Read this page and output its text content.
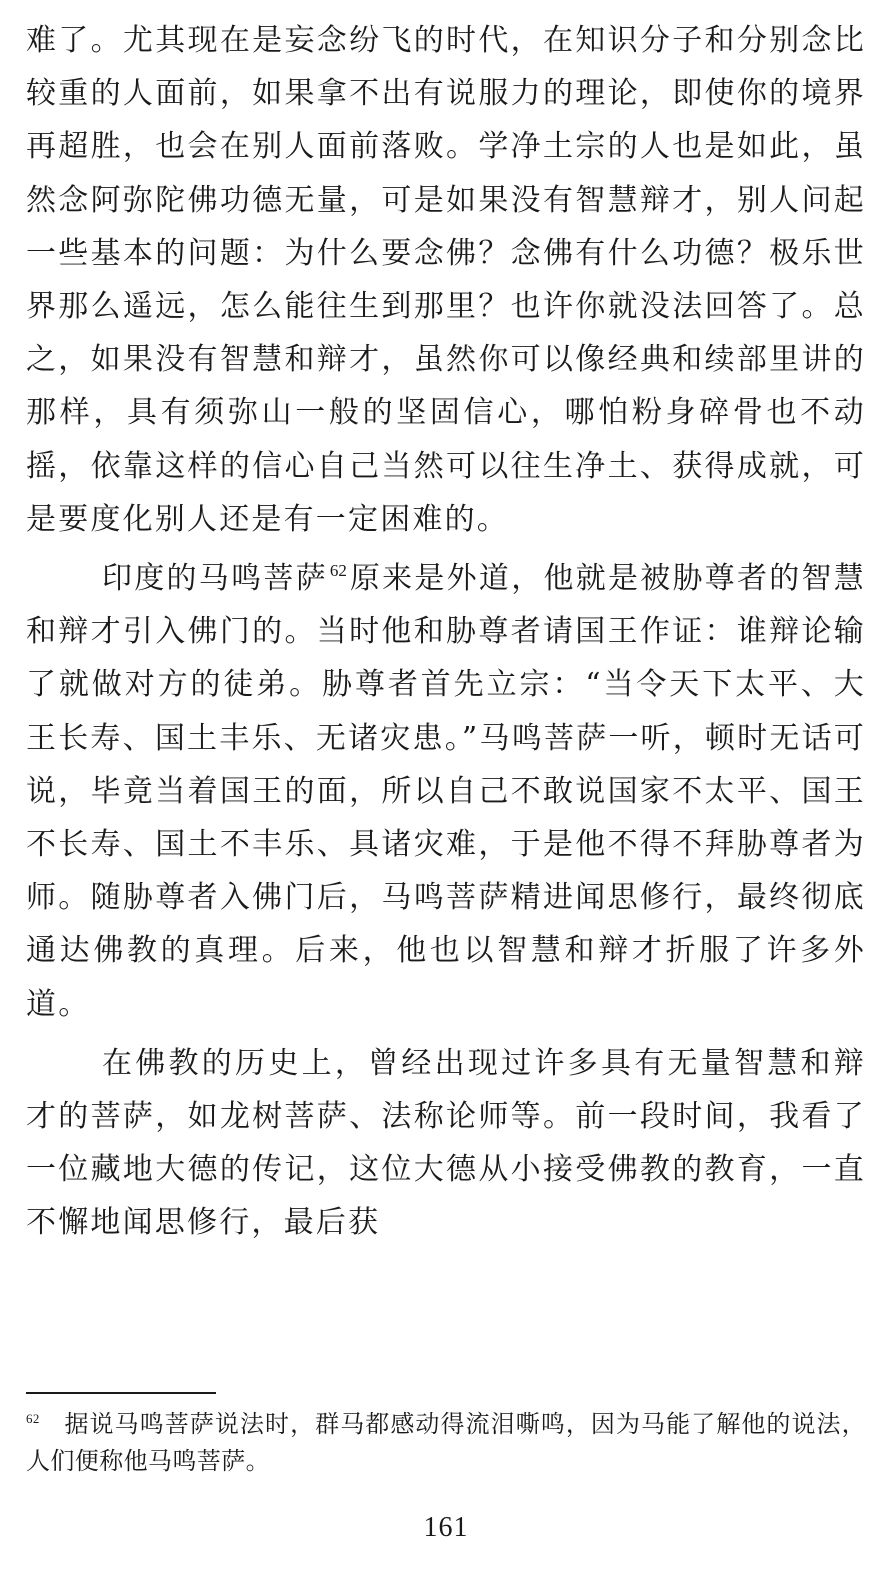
难了。尤其现在是妄念纷飞的时代，在知识分子和分别念比较重的人面前，如果拿不出有说服力的理论，即使你的境界再超胜，也会在别人面前落败。学净土宗的人也是如此，虽然念阿弥陀佛功德无量，可是如果没有智慧辩才，别人问起一些基本的问题：为什么要念佛？念佛有什么功德？极乐世界那么遥远，怎么能往生到那里？也许你就没法回答了。总之，如果没有智慧和辩才，虽然你可以像经典和续部里讲的那样，具有须弥山一般的坚固信心，哪怕粉身碎骨也不动摇，依靠这样的信心自己当然可以往生净土、获得成就，可是要度化别人还是有一定困难的。

印度的马鸣菩萨 $^{62}$ 原来是外道，他就是被胁尊者的智慧和辩才引入佛门的。当时他和胁尊者请国王作证：谁辩论输了就做对方的徒弟。胁尊者首先立宗：“当令天下太平、大王长寿、国土丰乐、无诸灾患。”马鸣菩萨一听，顿时无话可说，毕竟当着国王的面，所以自己不敢说国家不太平、国王不长寿、国土不丰乐、具诸灾难，于是他不得不拜胁尊者为师。随胁尊者入佛门后，马鸣菩萨精进闻思修行，最终彻底通达佛教的真理。后来，他也以智慧和辩才折服了许多外道。

在佛教的历史上，曾经出现过许多具有无量智慧和辩才的菩萨，如龙树菩萨、法称论师等。前一段时间，我看了一位藏地大德的传记，这位大德从小接受佛教的教育，一直不懈地闻思修行，最后获

$^{62}$ 据说马鸣菩萨说法时，群马都感动得流泪嘶鸣，因为马能了解他的说法，人们便称他马鸣菩萨。
161
